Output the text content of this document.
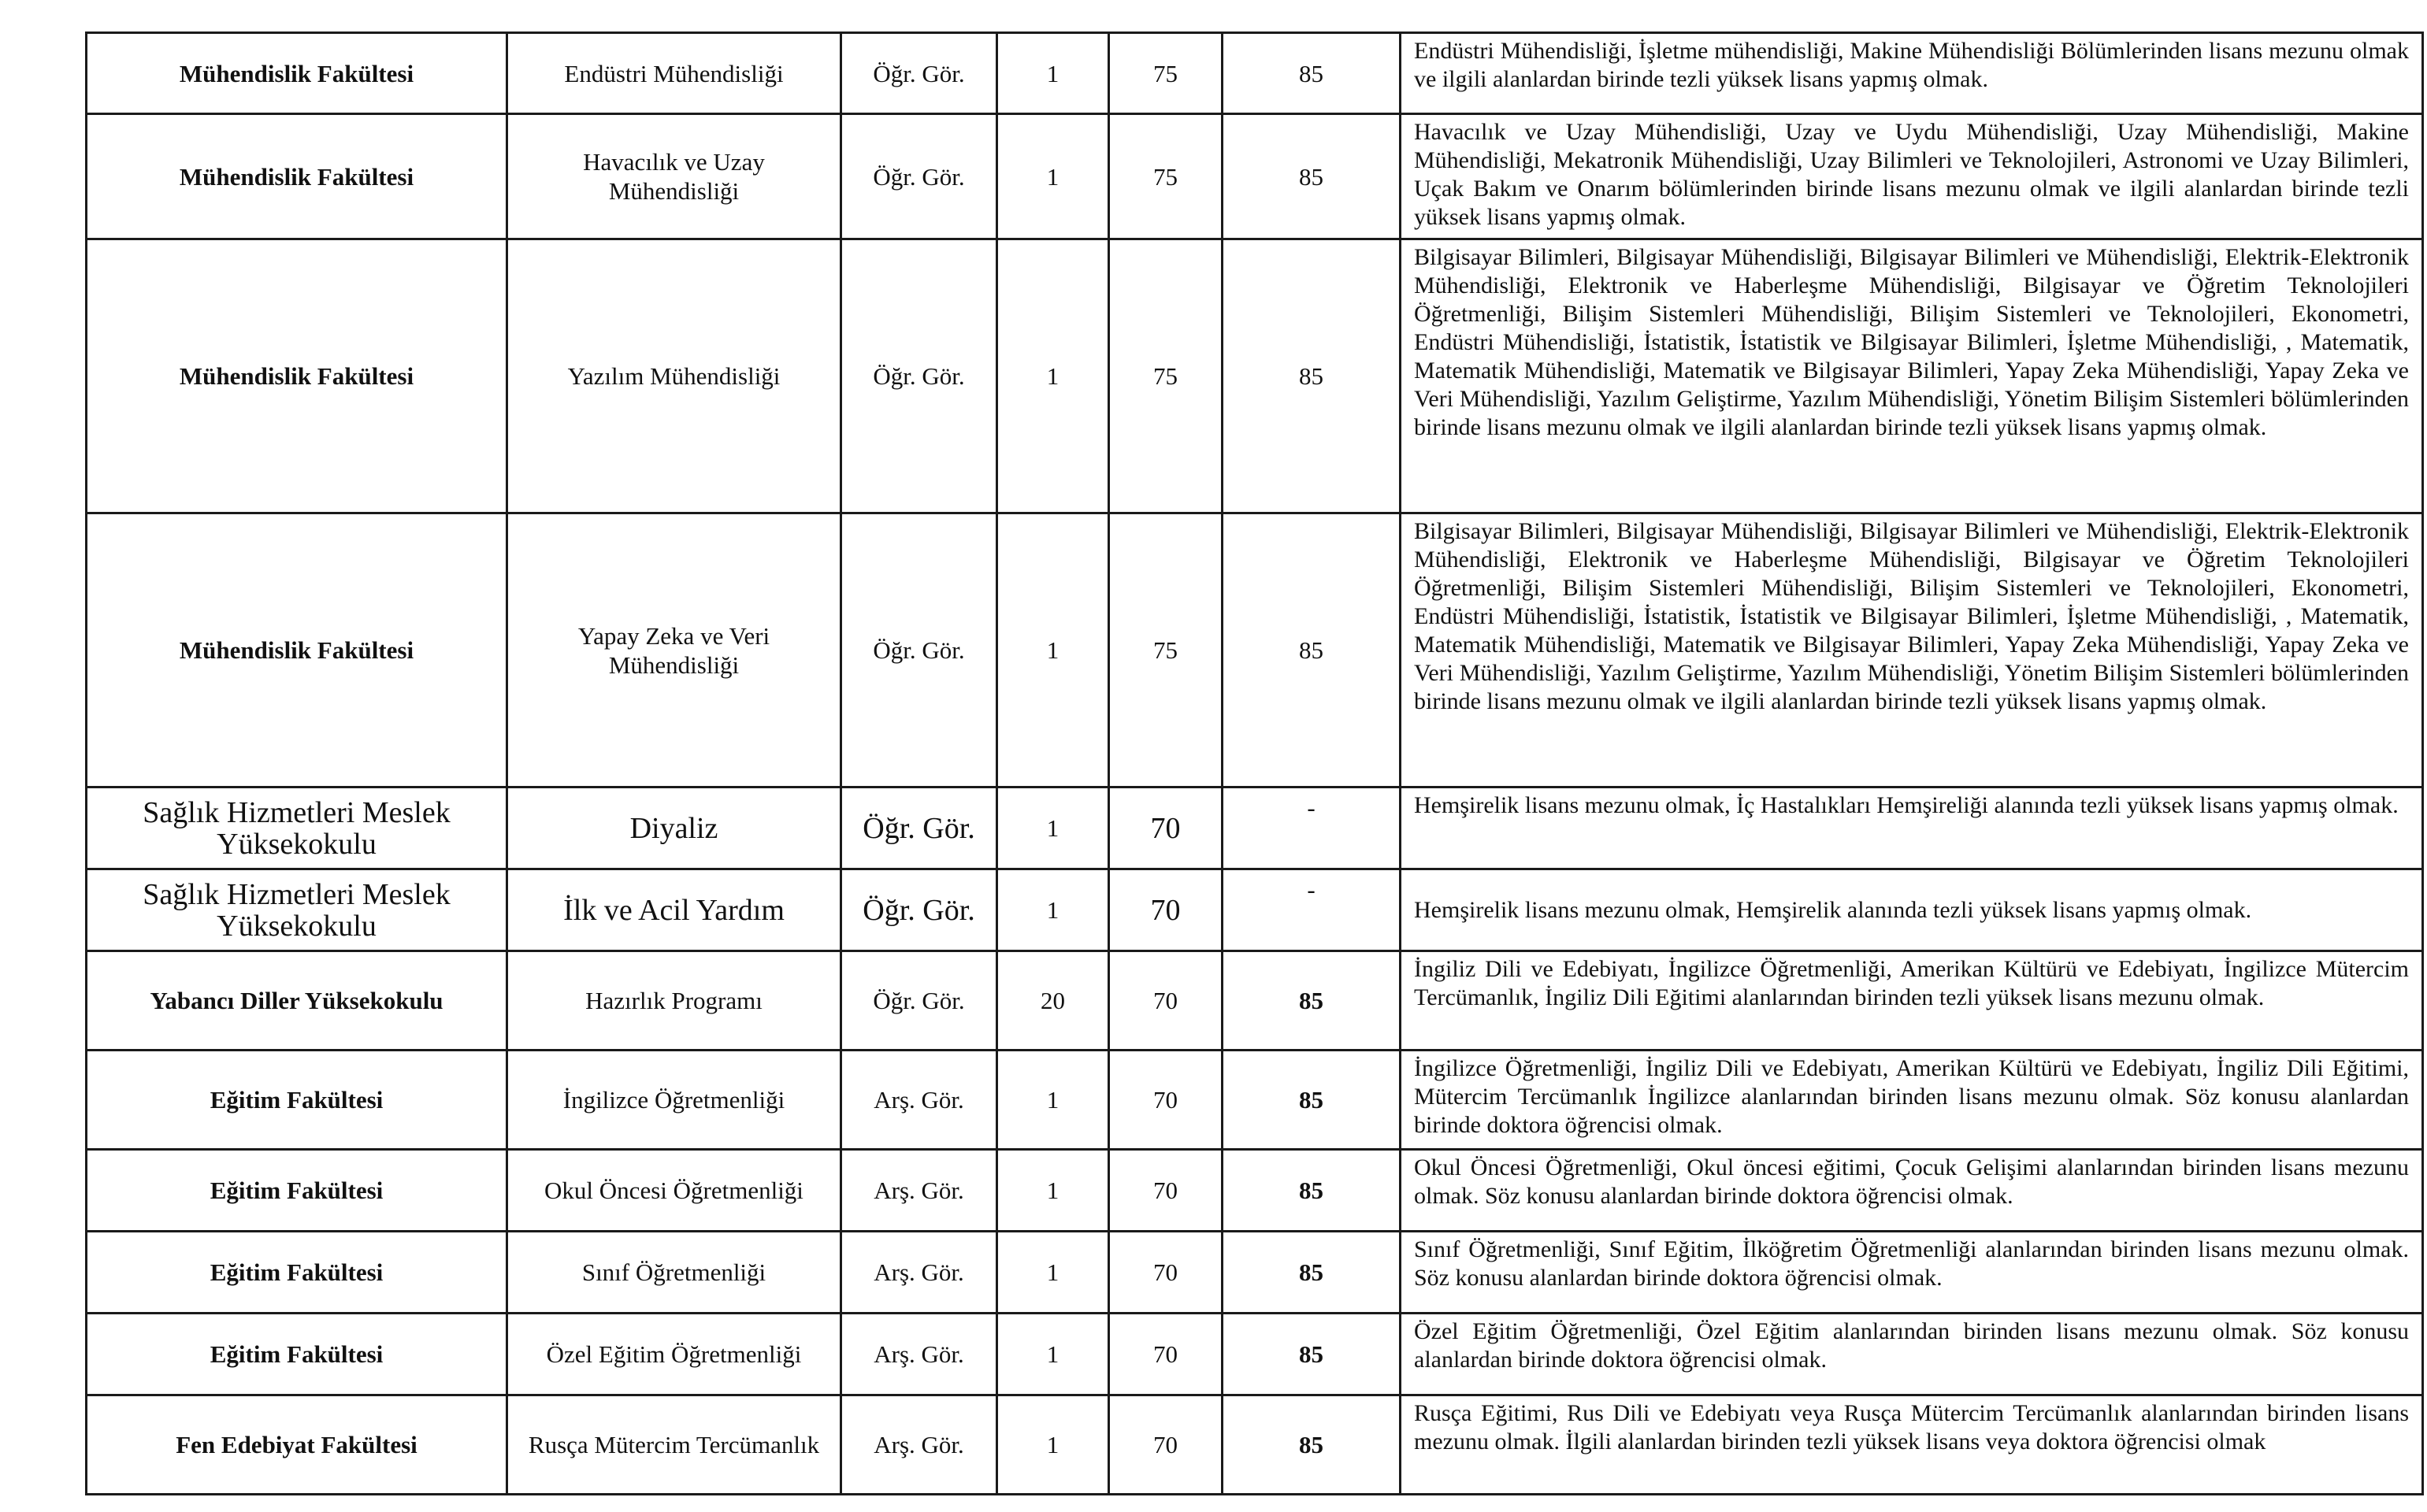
Mühendislik Fakültesi	Endüstri Mühendisliği	Öğr. Gör.	1	75	85	Endüstri Mühendisliği, İşletme mühendisliği, Makine Mühendisliği Bölümlerinden lisans mezunu olmak ve ilgili alanlardan birinde tezli yüksek lisans yapmış olmak.
Mühendislik Fakültesi	Havacılık ve Uzay Mühendisliği	Öğr. Gör.	1	75	85	Havacılık ve Uzay Mühendisliği, Uzay ve Uydu Mühendisliği, Uzay Mühendisliği, Makine Mühendisliği, Mekatronik Mühendisliği, Uzay Bilimleri ve Teknolojileri, Astronomi ve Uzay Bilimleri, Uçak Bakım ve Onarım bölümlerinden birinde lisans mezunu olmak ve ilgili alanlardan birinde tezli yüksek lisans yapmış olmak.
Mühendislik Fakültesi	Yazılım Mühendisliği	Öğr. Gör.	1	75	85	Bilgisayar Bilimleri, Bilgisayar Mühendisliği, Bilgisayar Bilimleri ve Mühendisliği, Elektrik-Elektronik Mühendisliği, Elektronik ve Haberleşme Mühendisliği, Bilgisayar ve Öğretim Teknolojileri Öğretmenliği, Bilişim Sistemleri Mühendisliği, Bilişim Sistemleri ve Teknolojileri, Ekonometri, Endüstri Mühendisliği, İstatistik, İstatistik ve Bilgisayar Bilimleri, İşletme Mühendisliği, , Matematik, Matematik Mühendisliği, Matematik ve Bilgisayar Bilimleri, Yapay Zeka Mühendisliği, Yapay Zeka ve Veri Mühendisliği, Yazılım Geliştirme, Yazılım Mühendisliği, Yönetim Bilişim Sistemleri bölümlerinden birinde lisans mezunu olmak ve ilgili alanlardan birinde tezli yüksek lisans yapmış olmak.
Mühendislik Fakültesi	Yapay Zeka ve Veri Mühendisliği	Öğr. Gör.	1	75	85	Bilgisayar Bilimleri, Bilgisayar Mühendisliği, Bilgisayar Bilimleri ve Mühendisliği, Elektrik-Elektronik Mühendisliği, Elektronik ve Haberleşme Mühendisliği, Bilgisayar ve Öğretim Teknolojileri Öğretmenliği, Bilişim Sistemleri Mühendisliği, Bilişim Sistemleri ve Teknolojileri, Ekonometri, Endüstri Mühendisliği, İstatistik, İstatistik ve Bilgisayar Bilimleri, İşletme Mühendisliği, , Matematik, Matematik Mühendisliği, Matematik ve Bilgisayar Bilimleri, Yapay Zeka Mühendisliği, Yapay Zeka ve Veri Mühendisliği, Yazılım Geliştirme, Yazılım Mühendisliği, Yönetim Bilişim Sistemleri bölümlerinden birinde lisans mezunu olmak ve ilgili alanlardan birinde tezli yüksek lisans yapmış olmak.
Sağlık Hizmetleri Meslek Yüksekokulu	Diyaliz	Öğr. Gör.	1	70	-	Hemşirelik lisans mezunu olmak, İç Hastalıkları Hemşireliği alanında tezli yüksek lisans yapmış olmak.
Sağlık Hizmetleri Meslek Yüksekokulu	İlk ve Acil Yardım	Öğr. Gör.	1	70	-	Hemşirelik lisans mezunu olmak, Hemşirelik alanında tezli yüksek lisans yapmış olmak.
Yabancı Diller Yüksekokulu	Hazırlık Programı	Öğr. Gör.	20	70	85	İngiliz Dili ve Edebiyatı, İngilizce Öğretmenliği, Amerikan Kültürü ve Edebiyatı, İngilizce Mütercim Tercümanlık, İngiliz Dili Eğitimi alanlarından birinden tezli yüksek lisans mezunu olmak.
Eğitim Fakültesi	İngilizce Öğretmenliği	Arş. Gör.	1	70	85	İngilizce Öğretmenliği, İngiliz Dili ve Edebiyatı, Amerikan Kültürü ve Edebiyatı, İngiliz Dili Eğitimi, Mütercim Tercümanlık İngilizce alanlarından birinden lisans mezunu olmak. Söz konusu alanlardan birinde doktora öğrencisi olmak.
Eğitim Fakültesi	Okul Öncesi Öğretmenliği	Arş. Gör.	1	70	85	Okul Öncesi Öğretmenliği, Okul öncesi eğitimi, Çocuk Gelişimi alanlarından birinden lisans mezunu olmak. Söz konusu alanlardan birinde doktora öğrencisi olmak.
Eğitim Fakültesi	Sınıf Öğretmenliği	Arş. Gör.	1	70	85	Sınıf Öğretmenliği, Sınıf Eğitim, İlköğretim Öğretmenliği alanlarından birinden lisans mezunu olmak. Söz konusu alanlardan birinde doktora öğrencisi olmak.
Eğitim Fakültesi	Özel Eğitim Öğretmenliği	Arş. Gör.	1	70	85	Özel Eğitim Öğretmenliği, Özel Eğitim alanlarından birinden lisans mezunu olmak. Söz konusu alanlardan birinde doktora öğrencisi olmak.
Fen Edebiyat Fakültesi	Rusça Mütercim Tercümanlık	Arş. Gör.	1	70	85	Rusça Eğitimi, Rus Dili ve Edebiyatı veya Rusça Mütercim Tercümanlık alanlarından birinden lisans mezunu olmak. İlgili alanlardan birinden tezli yüksek lisans veya doktora öğrencisi olmak
